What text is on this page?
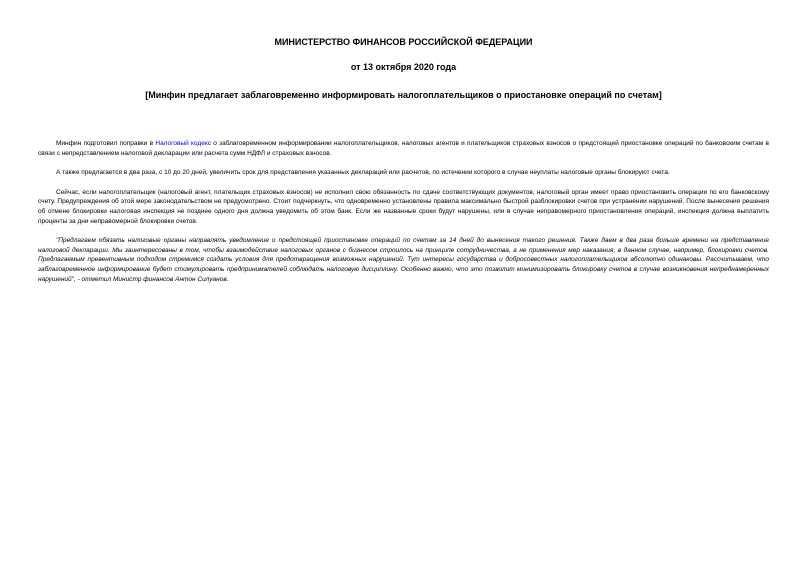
МИНИСТЕРСТВО ФИНАНСОВ РОССИЙСКОЙ ФЕДЕРАЦИИ

от 13 октября 2020 года

[Минфин предлагает заблаговременно информировать налогоплательщиков о приостановке операций по счетам]

Минфин подготовил поправки в Налоговый кодекс о заблаговременном информировании налогоплательщиков, налоговых агентов и плательщиков страховых взносов о предстоящей приостановке операций по банковским счетам в связи с непредставлением налоговой декларации или расчета сумм НДФЛ и страховых взносов.

А также предлагается в два раза, с 10 до 20 дней, увеличить срок для представления указанных деклараций или расчетов, по истечении которого в случае неуплаты налоговые органы блокируют счета.

Сейчас, если налогоплательщик (налоговый агент, плательщик страховых взносов) не исполнил свою обязанность по сдаче соответствующих документов, налоговый орган имеет право приостановить операции по его банковскому счету. Предупреждения об этой мере законодательством не предусмотрено. Стоит подчеркнуть, что одновременно установлены правила максимально быстрой разблокировки счетов при устранении нарушений. После вынесения решения об отмене блокировки налоговая инспекция не позднее одного дня должна уведомить об этом банк. Если же названные сроки будут нарушены, или в случае неправомерного приостановления операций, инспекция должна выплатить проценты за дни неправомерной блокировки счетов.

"Предлагаем обязать налоговые органы направлять уведомление о предстоящей приостановке операций по счетам за 14 дней до вынесения такого решения. Также даем в два раза больше времени на представление налоговой декларации. Мы заинтересованы в том, чтобы взаимодействие налоговых органов с бизнесом строилось на принципе сотрудничества, а не применения мер наказания, в данном случае, например, блокировки счетов. Предлагаемым превентивным подходом стремимся создать условия для предотвращения возможных нарушений. Тут интересы государства и добросовестных налогоплательщиков абсолютно одинаковы. Рассчитываем, что заблаговременное информирование будет стимулировать предпринимателей соблюдать налоговую дисциплину. Особенно важно, что это позволит минимизировать блокировку счетов в случае возникновения непреднамеренных нарушений", - отметил Министр финансов Антон Силуанов.
